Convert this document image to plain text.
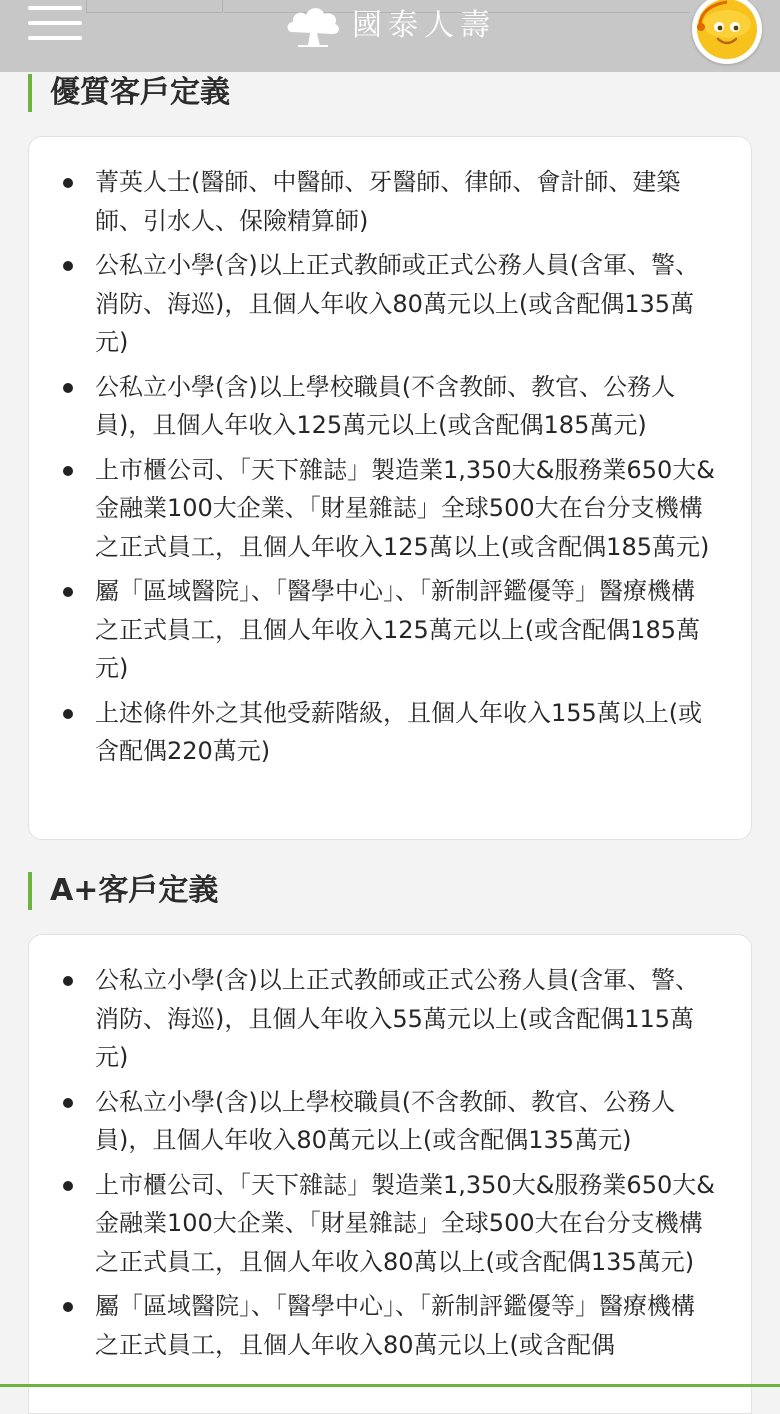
國泰人壽
優質客戶定義
菁英人士(醫師、中醫師、牙醫師、律師、會計師、建築師、引水人、保險精算師)
公私立小學(含)以上正式教師或正式公務人員(含軍、警、消防、海巡)，且個人年收入80萬元以上(或含配偶135萬元)
公私立小學(含)以上學校職員(不含教師、教官、公務人員)，且個人年收入125萬元以上(或含配偶185萬元)
上市櫃公司、「天下雜誌」製造業1,350大&服務業650大&金融業100大企業、「財星雜誌」全球500大在台分支機構之正式員工，且個人年收入125萬以上(或含配偶185萬元)
屬「區域醫院」、「醫學中心」、「新制評鑑優等」醫療機構之正式員工，且個人年收入125萬元以上(或含配偶185萬元)
上述條件外之其他受薪階級，且個人年收入155萬以上(或含配偶220萬元)
A+客戶定義
公私立小學(含)以上正式教師或正式公務人員(含軍、警、消防、海巡)，且個人年收入55萬元以上(或含配偶115萬元)
公私立小學(含)以上學校職員(不含教師、教官、公務人員)，且個人年收入80萬元以上(或含配偶135萬元)
上市櫃公司、「天下雜誌」製造業1,350大&服務業650大&金融業100大企業、「財星雜誌」全球500大在台分支機構之正式員工，且個人年收入80萬以上(或含配偶135萬元)
屬「區域醫院」、「醫學中心」、「新制評鑑優等」醫療機構之正式員工，且個人年收入80萬元以上(或含配偶
